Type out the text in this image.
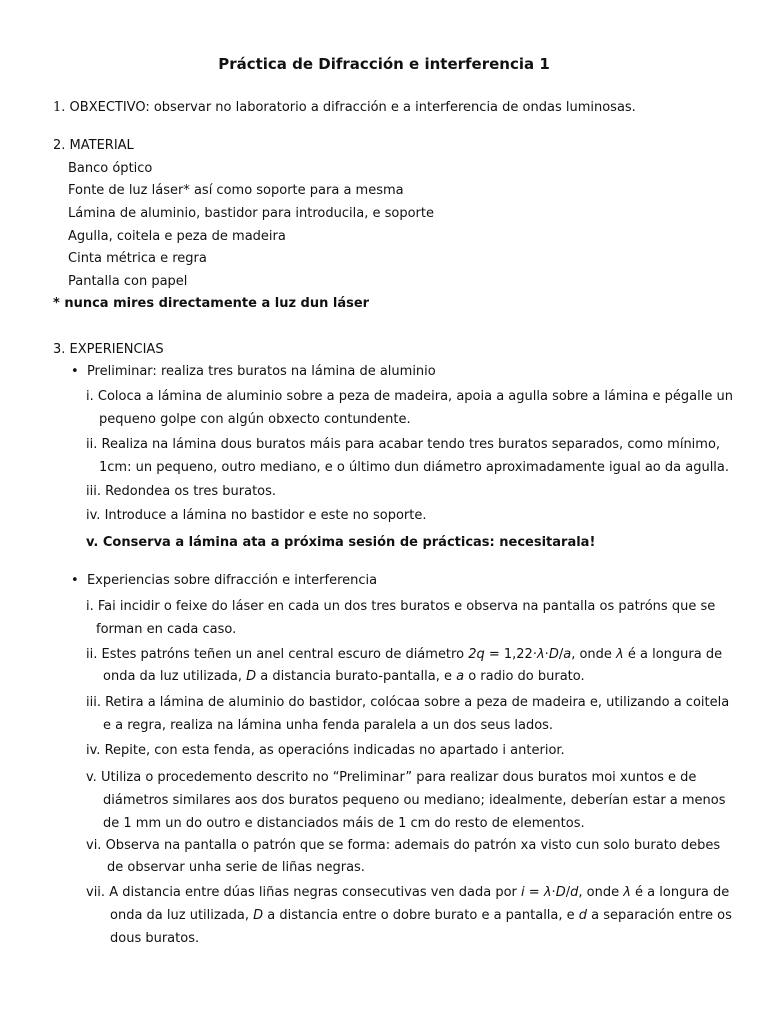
Práctica de Difracción e interferencia 1
1. OBXECTIVO: observar no laboratorio a difracción e a interferencia de ondas luminosas.
2. MATERIAL
Banco óptico
Fonte de luz láser* así como soporte para a mesma
Lámina de aluminio, bastidor para introducila, e soporte
Agulla, coitela e peza de madeira
Cinta métrica e regra
Pantalla con papel
* nunca mires directamente a luz dun láser
3. EXPERIENCIAS
• Preliminar: realiza tres buratos na lámina de aluminio
i. Coloca a lámina de aluminio sobre a peza de madeira, apoia a agulla sobre a lámina e pégalle un
pequeno golpe con algún obxecto contundente.
ii. Realiza na lámina dous buratos máis para acabar tendo tres buratos separados, como mínimo,
1cm: un pequeno, outro mediano, e o último dun diámetro aproximadamente igual ao da agulla.
iii. Redondea os tres buratos.
iv. Introduce a lámina no bastidor e este no soporte.
v. Conserva a lámina ata a próxima sesión de prácticas: necesitarala!
• Experiencias sobre difracción e interferencia
i. Fai incidir o feixe do láser en cada un dos tres buratos e observa na pantalla os patróns que se
forman en cada caso.
ii. Estes patróns teñen un anel central escuro de diámetro 2q = 1,22·λ·D/a, onde λ é a longura de
onda da luz utilizada, D a distancia burato-pantalla, e a o radio do burato.
iii. Retira a lámina de aluminio do bastidor, colócaa sobre a peza de madeira e, utilizando a coitela
e a regra, realiza na lámina unha fenda paralela a un dos seus lados.
iv. Repite, con esta fenda, as operacións indicadas no apartado i anterior.
v. Utiliza o procedemento descrito no “Preliminar” para realizar dous buratos moi xuntos e de
diámetros similares aos dos buratos pequeno ou mediano; idealmente, deberían estar a menos
de 1 mm un do outro e distanciados máis de 1 cm do resto de elementos.
vi. Observa na pantalla o patrón que se forma: ademais do patrón xa visto cun solo burato debes
de observar unha serie de liñas negras.
vii. A distancia entre dúas liñas negras consecutivas ven dada por i = λ·D/d, onde λ é a longura de
onda da luz utilizada, D a distancia entre o dobre burato e a pantalla, e d a separación entre os
dous buratos.
